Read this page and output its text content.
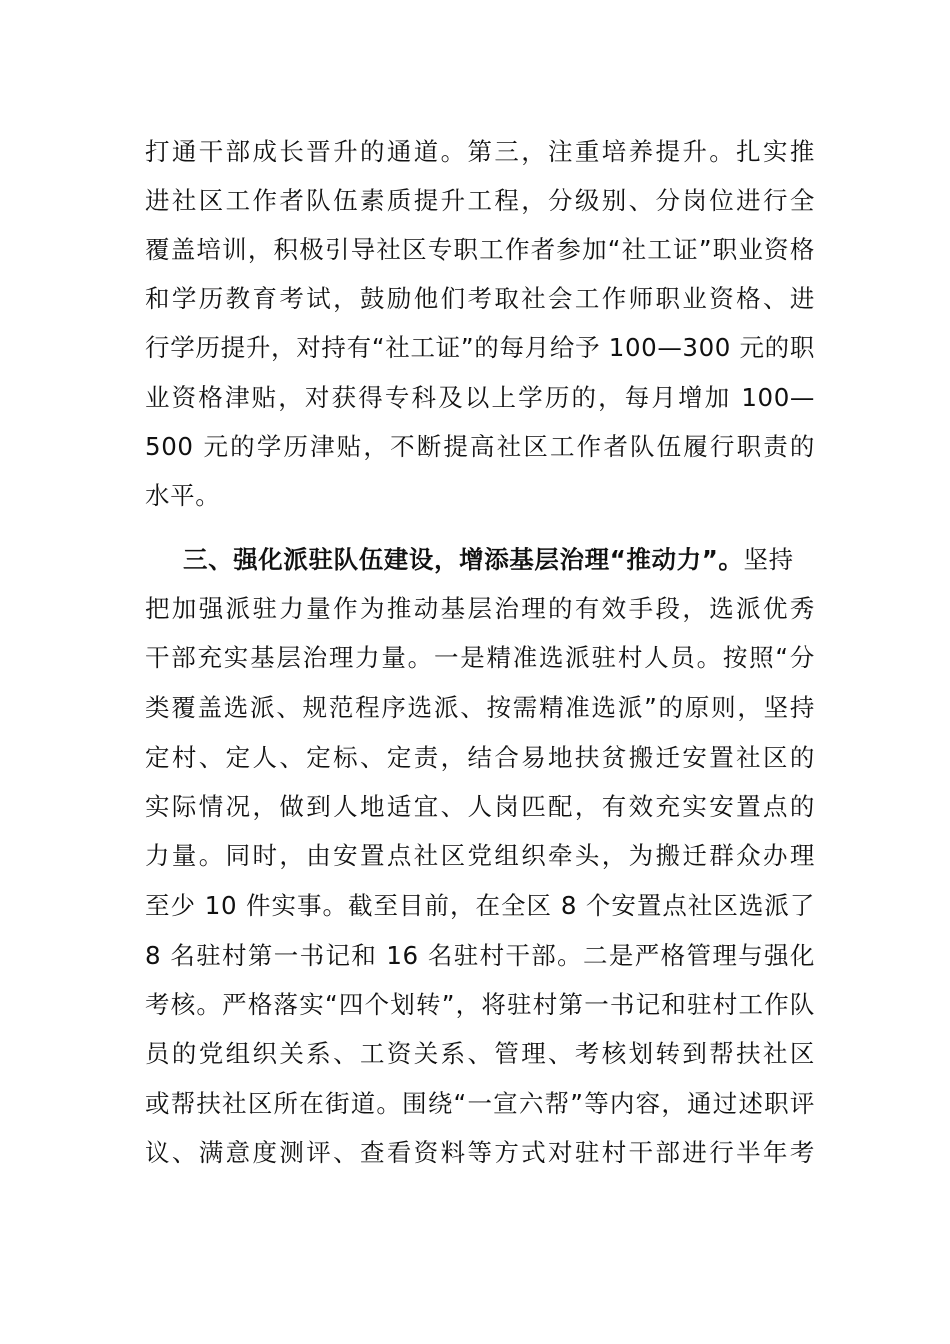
打通干部成长晋升的通道。第三，注重培养提升。扎实推
进社区工作者队伍素质提升工程，分级别、分岗位进行全
覆盖培训，积极引导社区专职工作者参加“社工证”职业资格
和学历教育考试，鼓励他们考取社会工作师职业资格、进
行学历提升，对持有“社工证”的每月给予 100—300 元的职
业资格津贴，对获得专科及以上学历的，每月增加 100—
500 元的学历津贴，不断提高社区工作者队伍履行职责的
水平。
三、强化派驻队伍建设，增添基层治理“推动力”。坚持
把加强派驻力量作为推动基层治理的有效手段，选派优秀
干部充实基层治理力量。一是精准选派驻村人员。按照“分
类覆盖选派、规范程序选派、按需精准选派”的原则，坚持
定村、定人、定标、定责，结合易地扶贫搬迁安置社区的
实际情况，做到人地适宜、人岗匹配，有效充实安置点的
力量。同时，由安置点社区党组织牵头，为搬迁群众办理
至少 10 件实事。截至目前，在全区 8 个安置点社区选派了
8 名驻村第一书记和 16 名驻村干部。二是严格管理与强化
考核。严格落实“四个划转”，将驻村第一书记和驻村工作队
员的党组织关系、工资关系、管理、考核划转到帮扶社区
或帮扶社区所在街道。围绕“一宣六帮”等内容，通过述职评
议、满意度测评、查看资料等方式对驻村干部进行半年考
